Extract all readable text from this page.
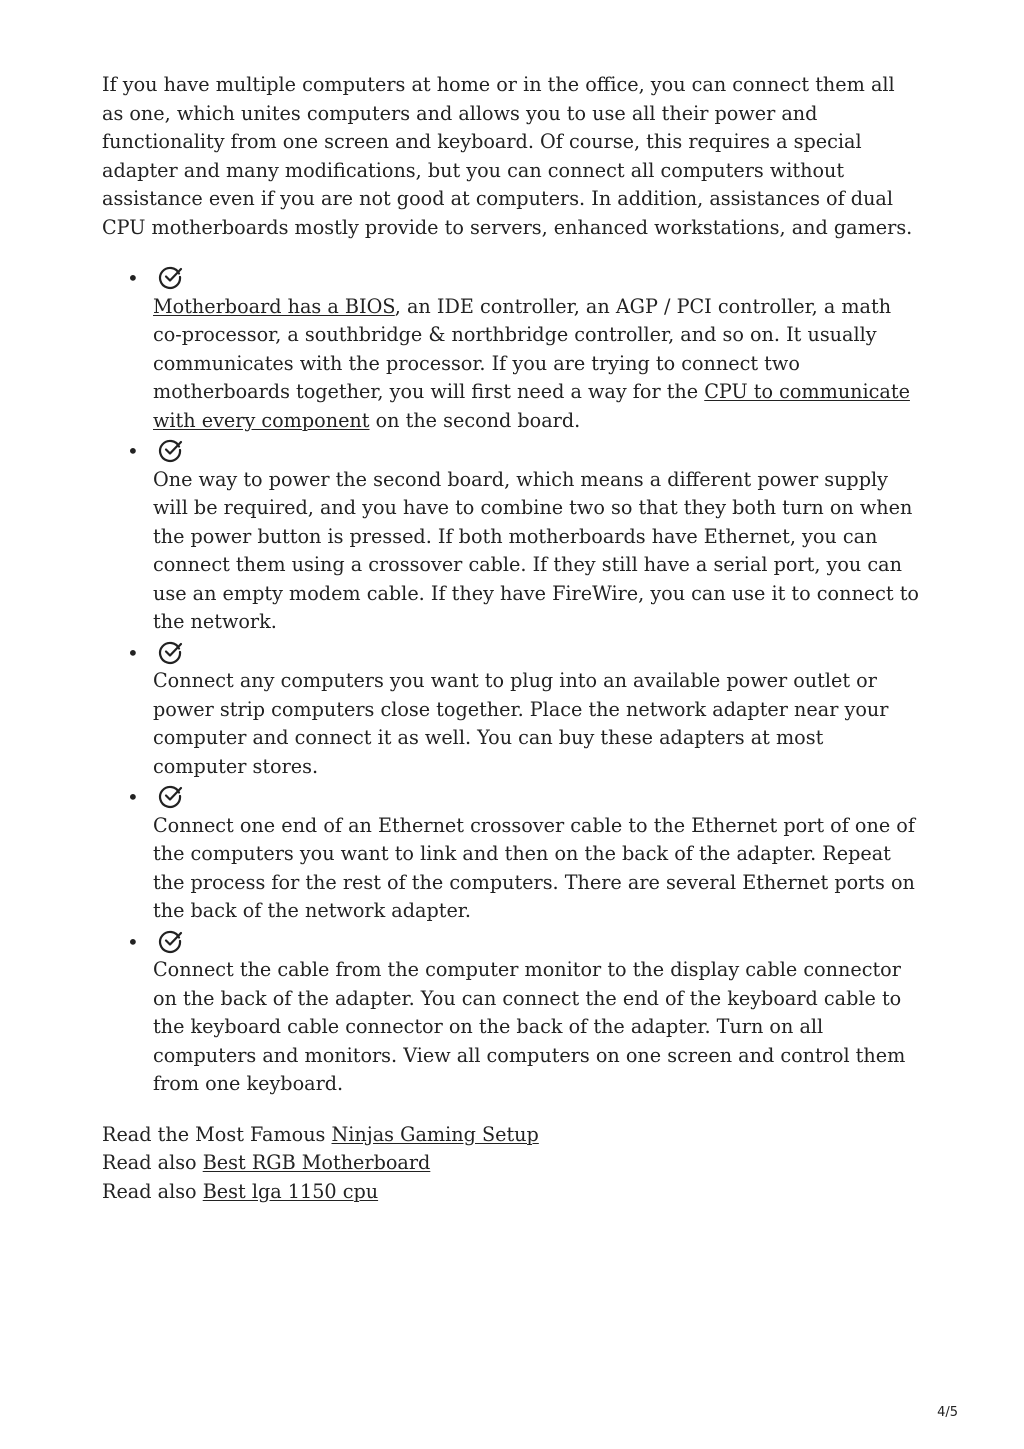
If you have multiple computers at home or in the office, you can connect them all as one, which unites computers and allows you to use all their power and functionality from one screen and keyboard. Of course, this requires a special adapter and many modifications, but you can connect all computers without assistance even if you are not good at computers. In addition, assistances of dual CPU motherboards mostly provide to servers, enhanced workstations, and gamers.

• Motherboard has a BIOS, an IDE controller, an AGP / PCI controller, a math co-processor, a southbridge & northbridge controller, and so on. It usually communicates with the processor. If you are trying to connect two motherboards together, you will first need a way for the CPU to communicate with every component on the second board.
• One way to power the second board, which means a different power supply will be required, and you have to combine two so that they both turn on when the power button is pressed. If both motherboards have Ethernet, you can connect them using a crossover cable. If they still have a serial port, you can use an empty modem cable. If they have FireWire, you can use it to connect to the network.
• Connect any computers you want to plug into an available power outlet or power strip computers close together. Place the network adapter near your computer and connect it as well. You can buy these adapters at most computer stores.
• Connect one end of an Ethernet crossover cable to the Ethernet port of one of the computers you want to link and then on the back of the adapter. Repeat the process for the rest of the computers. There are several Ethernet ports on the back of the network adapter.
• Connect the cable from the computer monitor to the display cable connector on the back of the adapter. You can connect the end of the keyboard cable to the keyboard cable connector on the back of the adapter. Turn on all computers and monitors. View all computers on one screen and control them from one keyboard.
Read the Most Famous Ninjas Gaming Setup
Read also Best RGB Motherboard
Read also Best lga 1150 cpu
4/5
